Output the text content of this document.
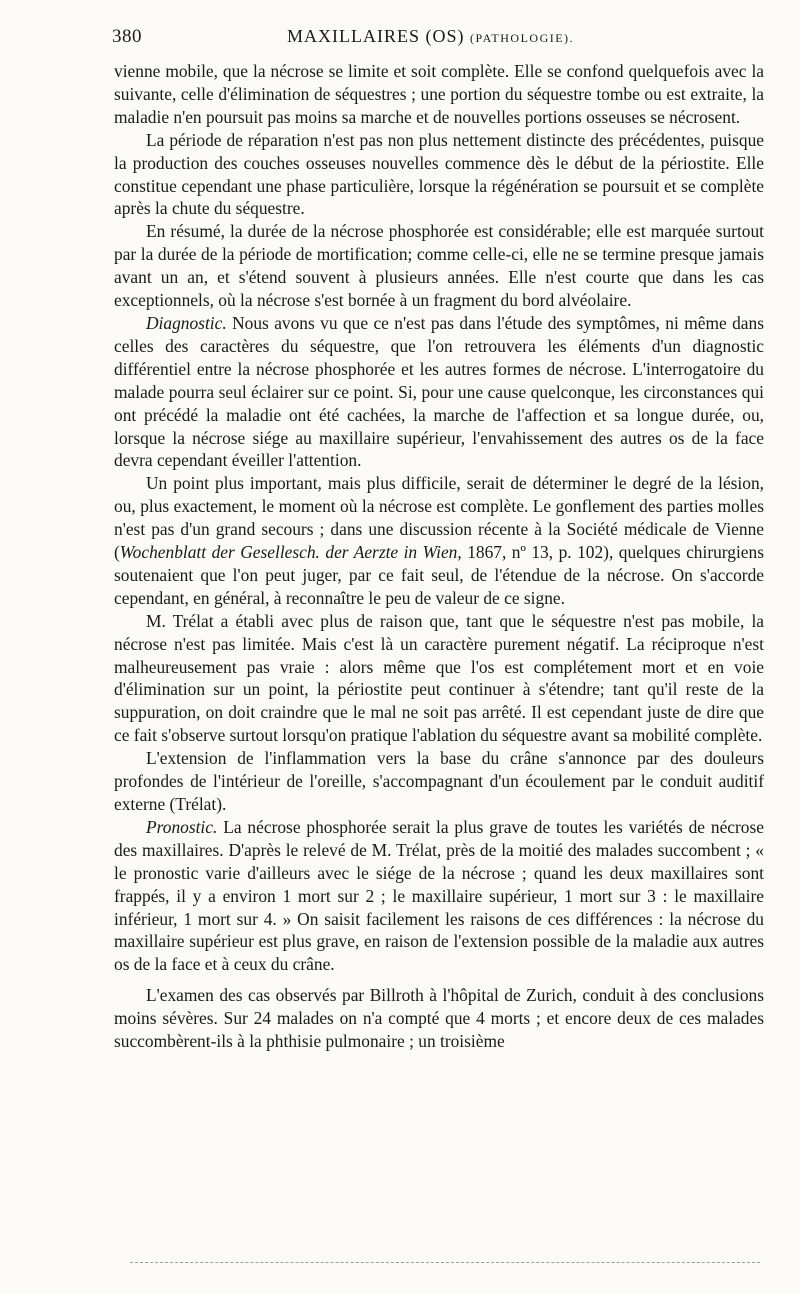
380	MAXILLAIRES (OS) (PATHOLOGIE).

vienne mobile, que la nécrose se limite et soit complète. Elle se confond quelquefois avec la suivante, celle d'élimination de séquestres ; une portion du séquestre tombe ou est extraite, la maladie n'en poursuit pas moins sa marche et de nouvelles portions osseuses se nécrosent.

La période de réparation n'est pas non plus nettement distincte des précédentes, puisque la production des couches osseuses nouvelles commence dès le début de la périostite. Elle constitue cependant une phase particulière, lorsque la régénération se poursuit et se complète après la chute du séquestre.

En résumé, la durée de la nécrose phosphorée est considérable; elle est marquée surtout par la durée de la période de mortification; comme celle-ci, elle ne se termine presque jamais avant un an, et s'étend souvent à plusieurs années. Elle n'est courte que dans les cas exceptionnels, où la nécrose s'est bornée à un fragment du bord alvéolaire.

Diagnostic. Nous avons vu que ce n'est pas dans l'étude des symptômes, ni même dans celles des caractères du séquestre, que l'on retrouvera les éléments d'un diagnostic différentiel entre la nécrose phosphorée et les autres formes de nécrose. L'interrogatoire du malade pourra seul éclairer sur ce point. Si, pour une cause quelconque, les circonstances qui ont précédé la maladie ont été cachées, la marche de l'affection et sa longue durée, ou, lorsque la nécrose siége au maxillaire supérieur, l'envahissement des autres os de la face devra cependant éveiller l'attention.

Un point plus important, mais plus difficile, serait de déterminer le degré de la lésion, ou, plus exactement, le moment où la nécrose est complète. Le gonflement des parties molles n'est pas d'un grand secours ; dans une discussion récente à la Société médicale de Vienne (Wochenblatt der Gesellesch. der Aerzte in Wien, 1867, nº 13, p. 102), quelques chirurgiens soutenaient que l'on peut juger, par ce fait seul, de l'étendue de la nécrose. On s'accorde cependant, en général, à reconnaître le peu de valeur de ce signe.

M. Trélat a établi avec plus de raison que, tant que le séquestre n'est pas mobile, la nécrose n'est pas limitée. Mais c'est là un caractère purement négatif. La réciproque n'est malheureusement pas vraie : alors même que l'os est complétement mort et en voie d'élimination sur un point, la périostite peut continuer à s'étendre; tant qu'il reste de la suppuration, on doit craindre que le mal ne soit pas arrêté. Il est cependant juste de dire que ce fait s'observe surtout lorsqu'on pratique l'ablation du séquestre avant sa mobilité complète.

L'extension de l'inflammation vers la base du crâne s'annonce par des douleurs profondes de l'intérieur de l'oreille, s'accompagnant d'un écoulement par le conduit auditif externe (Trélat).

Pronostic. La nécrose phosphorée serait la plus grave de toutes les variétés de nécrose des maxillaires. D'après le relevé de M. Trélat, près de la moitié des malades succombent ; « le pronostic varie d'ailleurs avec le siége de la nécrose ; quand les deux maxillaires sont frappés, il y a environ 1 mort sur 2 ; le maxillaire supérieur, 1 mort sur 3 : le maxillaire inférieur, 1 mort sur 4. » On saisit facilement les raisons de ces différences : la nécrose du maxillaire supérieur est plus grave, en raison de l'extension possible de la maladie aux autres os de la face et à ceux du crâne.

L'examen des cas observés par Billroth à l'hôpital de Zurich, conduit à des conclusions moins sévères. Sur 24 malades on n'a compté que 4 morts ; et encore deux de ces malades succombèrent-ils à la phthisie pulmonaire ; un troisième
